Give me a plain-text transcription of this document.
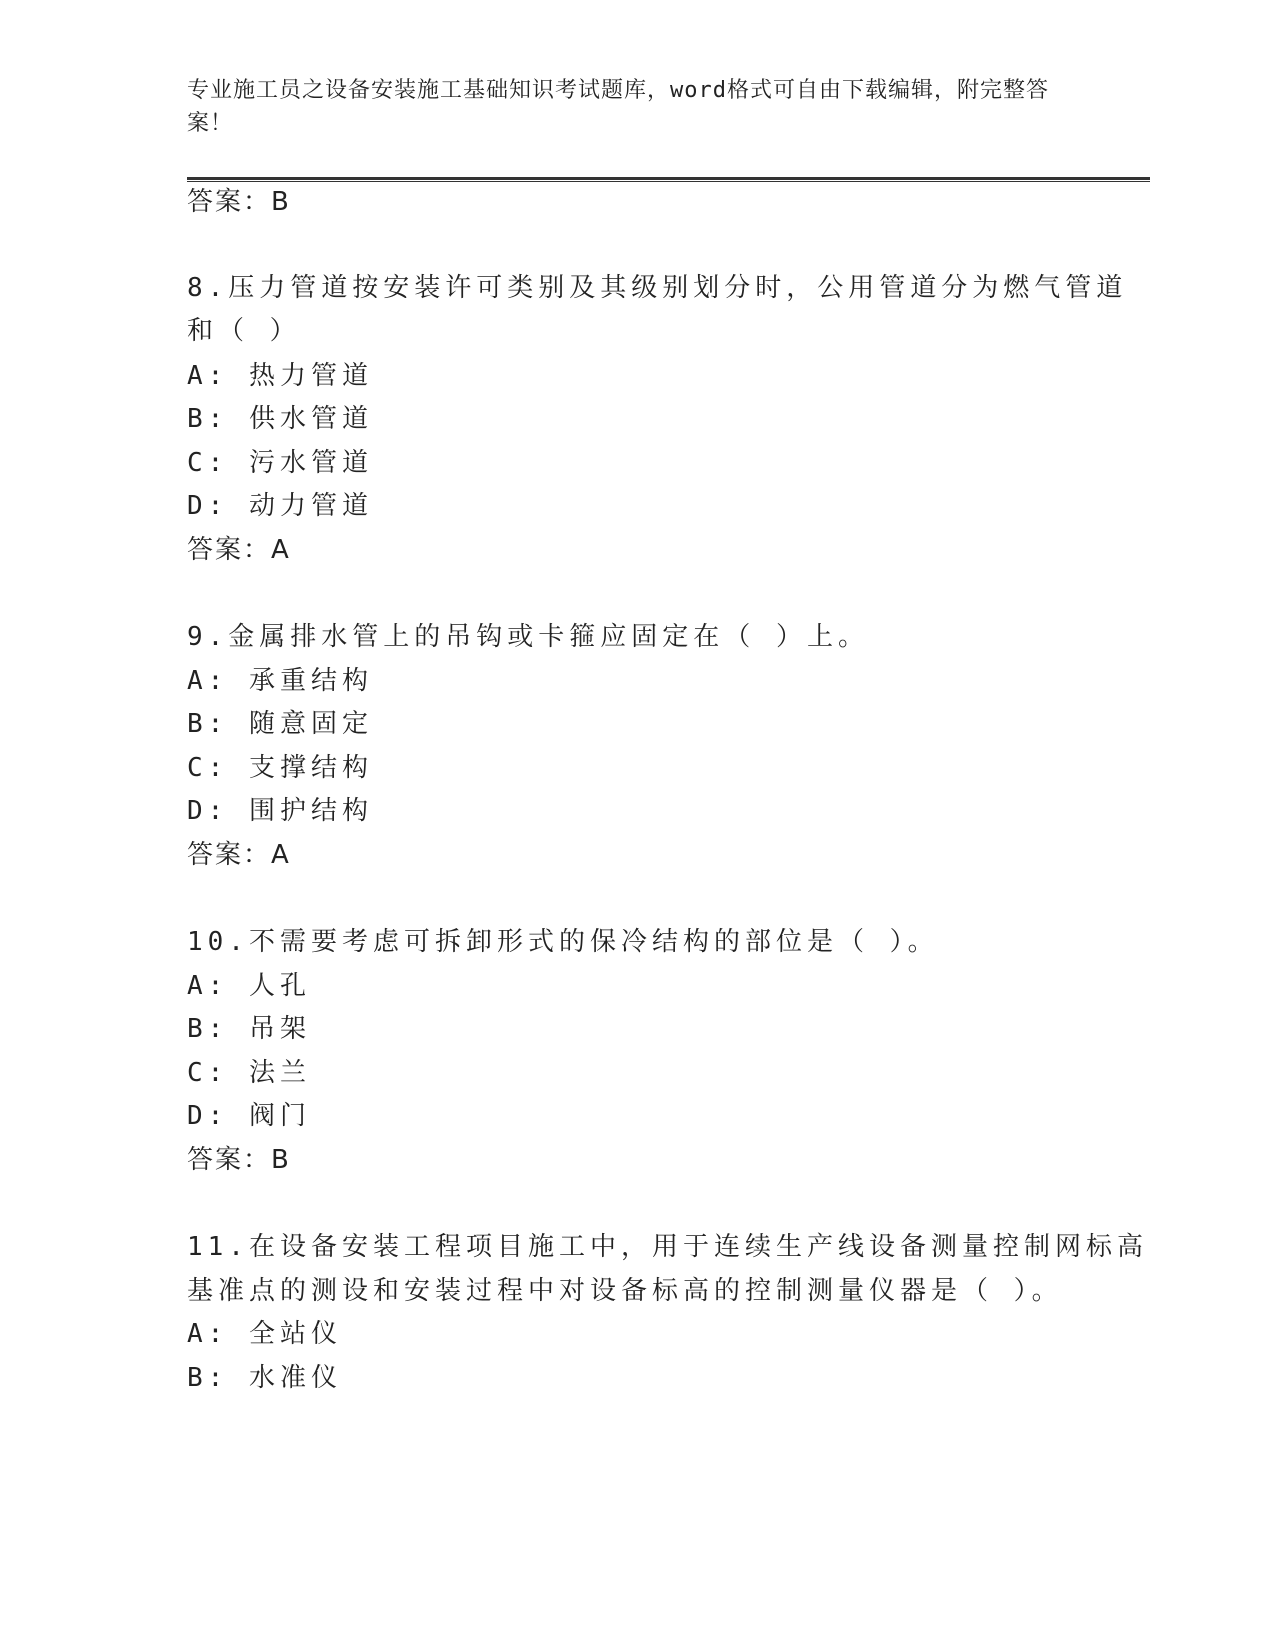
专业施工员之设备安装施工基础知识考试题库，word格式可自由下载编辑，附完整答案！
答案：B
8.压力管道按安装许可类别及其级别划分时，公用管道分为燃气管道
和（ ）
A: 热力管道
B: 供水管道
C: 污水管道
D: 动力管道
答案：A
9.金属排水管上的吊钩或卡箍应固定在（ ）上。
A: 承重结构
B: 随意固定
C: 支撑结构
D: 围护结构
答案：A
10.不需要考虑可拆卸形式的保冷结构的部位是（ ）。
A: 人孔
B: 吊架
C: 法兰
D: 阀门
答案：B
11.在设备安装工程项目施工中，用于连续生产线设备测量控制网标高
基准点的测设和安装过程中对设备标高的控制测量仪器是（ ）。
A: 全站仪
B: 水准仪
